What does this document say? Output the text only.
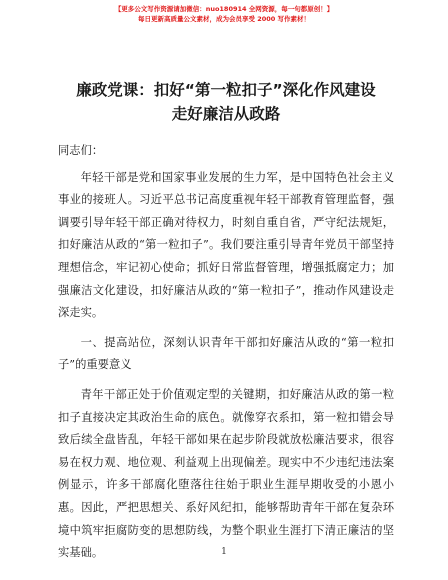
【更多公文写作资源请加微信：nuo180914 全网资源，每一句都原创！】
每日更新高质量公文素材，成为会员享受 2000 写作素材！
廉政党课：扣好“第一粒扣子”深化作风建设
走好廉洁从政路

同志们：

年轻干部是党和国家事业发展的生力军，是中国特色社会主义事业的接班人。习近平总书记高度重视年轻干部教育管理监督，强调要引导年轻干部正确对待权力，时刻自重自省，严守纪法规矩，扣好廉洁从政的“第一粒扣子”。我们要注重引导青年党员干部坚持理想信念，牢记初心使命；抓好日常监督管理，增强抵腐定力；加强廉洁文化建设，扣好廉洁从政的“第一粒扣子”，推动作风建设走深走实。

一、提高站位，深刻认识青年干部扣好廉洁从政的“第一粒扣子”的重要意义

青年干部正处于价值观定型的关键期，扣好廉洁从政的第一粒扣子直接决定其政治生命的底色。就像穿衣系扣，第一粒扣错会导致后续全盘皆乱，年轻干部如果在起步阶段就放松廉洁要求，很容易在权力观、地位观、利益观上出现偏差。现实中不少违纪违法案例显示，许多干部腐化堕落往往始于职业生涯早期收受的小恩小惠。因此，严把思想关、系好风纪扣，能够帮助青年干部在复杂环境中筑牢拒腐防变的思想防线，为整个职业生涯打下清正廉洁的坚实基础。	1
